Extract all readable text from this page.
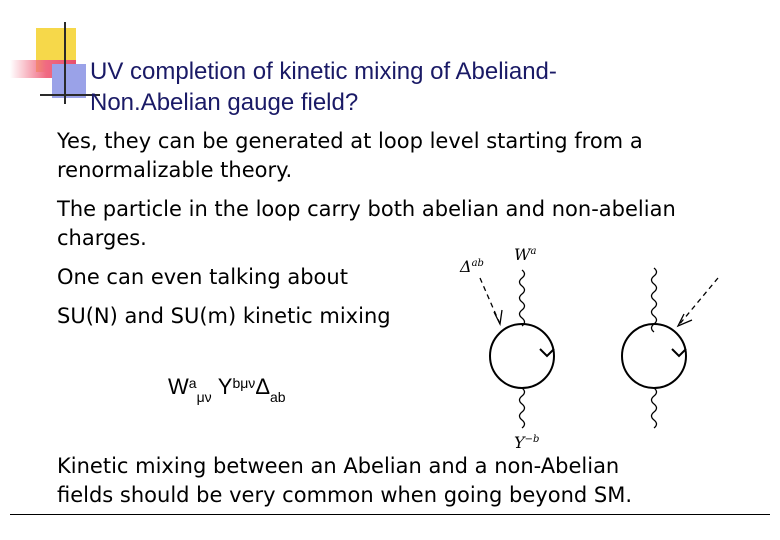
UV completion of kinetic mixing of Abeliand-
Non.Abelian gauge field?
Yes, they can be generated at loop level starting from a
renormalizable theory.
The particle in the loop carry both abelian and non-abelian
charges.
One can even talking about
SU(N) and SU(m) kinetic mixing
$W^a_{\mu\nu}$ $Y^{b\mu\nu}\Delta_{ab}$
$\Delta^{ab}$ $W^a$
$Y^{-b}$
Kinetic mixing between an Abelian and a non-Abelian
fields should be very common when going beyond SM.
